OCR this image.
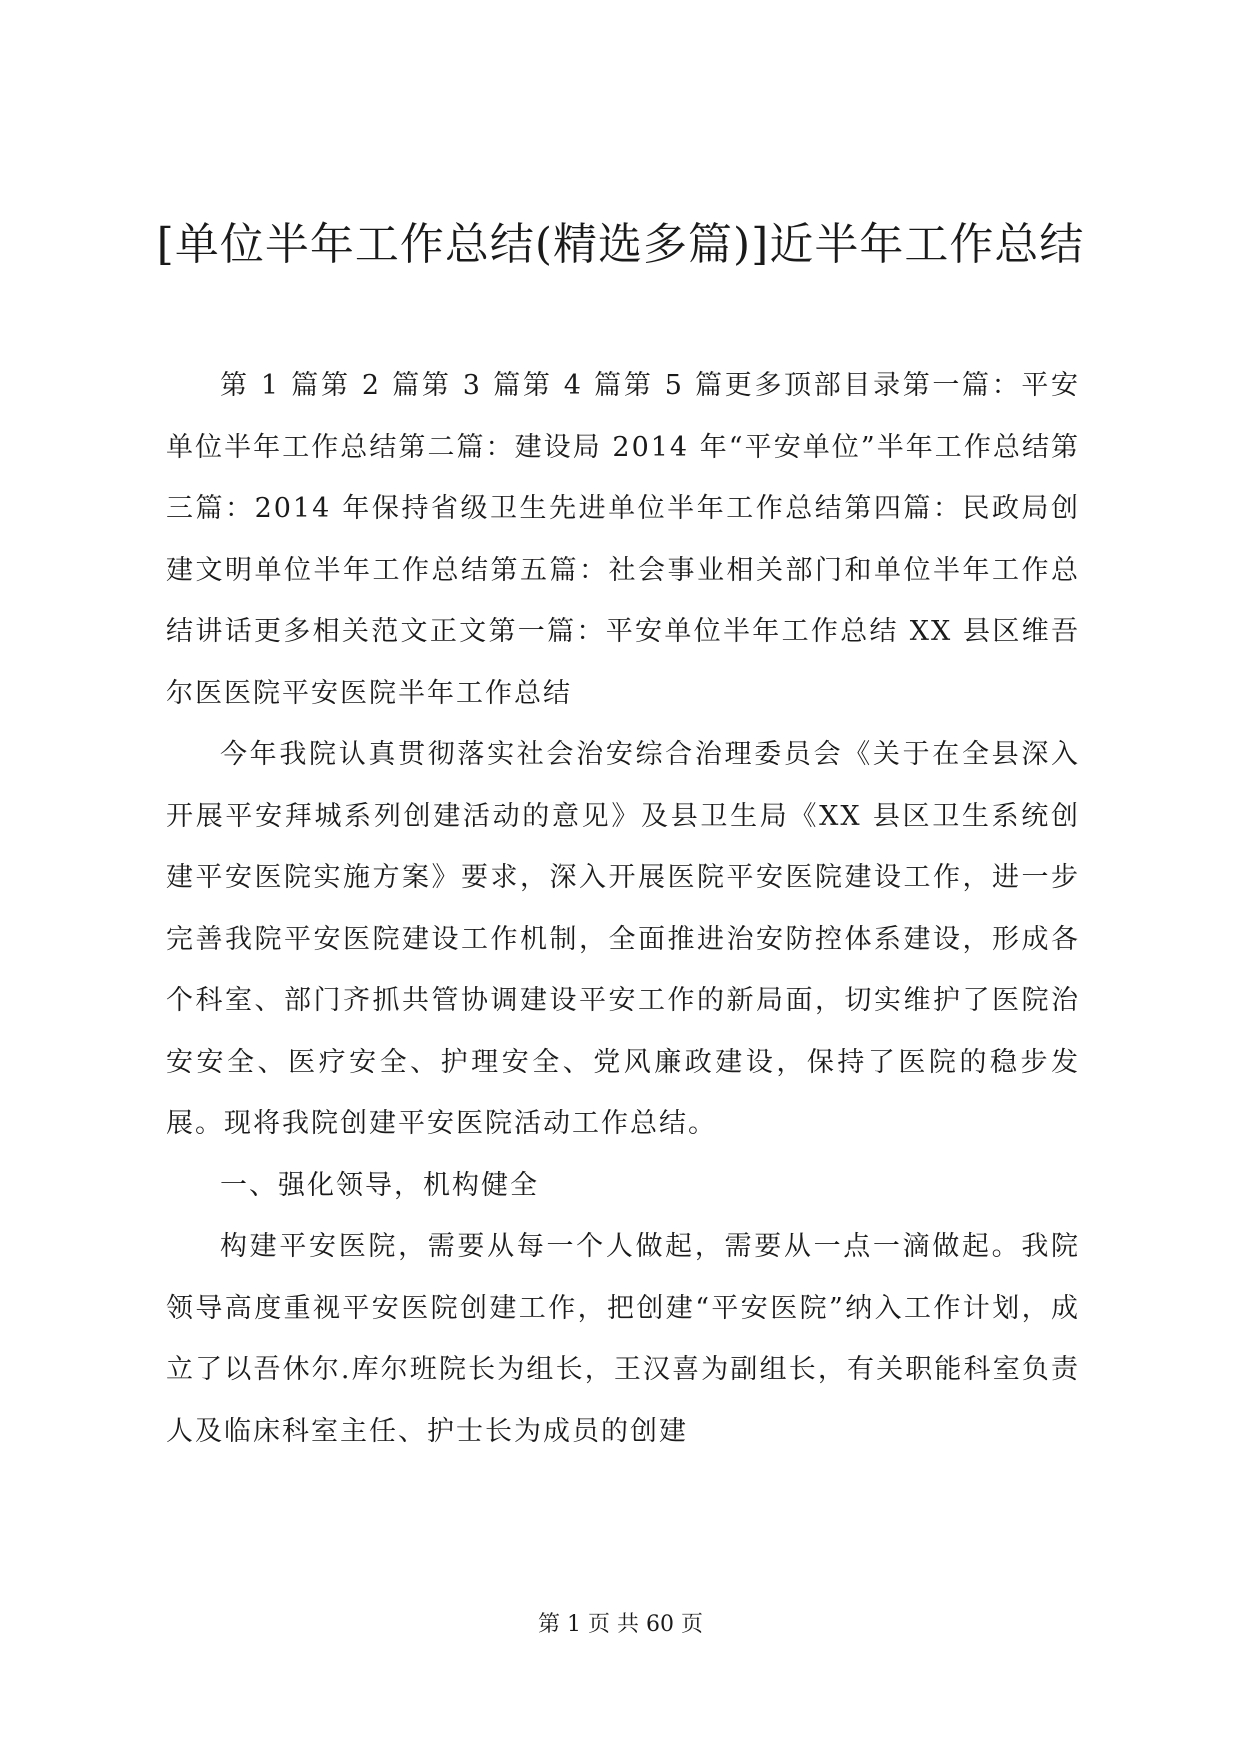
[单位半年工作总结(精选多篇)]近半年工作总结

第 1 篇第 2 篇第 3 篇第 4 篇第 5 篇更多顶部目录第一篇：平安单位半年工作总结第二篇：建设局 2014 年“平安单位”半年工作总结第三篇：2014 年保持省级卫生先进单位半年工作总结第四篇：民政局创建文明单位半年工作总结第五篇：社会事业相关部门和单位半年工作总结讲话更多相关范文正文第一篇：平安单位半年工作总结 XX 县区维吾尔医医院平安医院半年工作总结

今年我院认真贯彻落实社会治安综合治理委员会《关于在全县深入开展平安拜城系列创建活动的意见》及县卫生局《XX 县区卫生系统创建平安医院实施方案》要求，深入开展医院平安医院建设工作，进一步完善我院平安医院建设工作机制，全面推进治安防控体系建设，形成各个科室、部门齐抓共管协调建设平安工作的新局面，切实维护了医院治安安全、医疗安全、护理安全、党风廉政建设，保持了医院的稳步发展。现将我院创建平安医院活动工作总结。

一、强化领导，机构健全

构建平安医院，需要从每一个人做起，需要从一点一滴做起。我院领导高度重视平安医院创建工作，把创建“平安医院”纳入工作计划，成立了以吾休尔.库尔班院长为组长，王汉喜为副组长，有关职能科室负责人及临床科室主任、护士长为成员的创建

第 1 页 共 60 页
